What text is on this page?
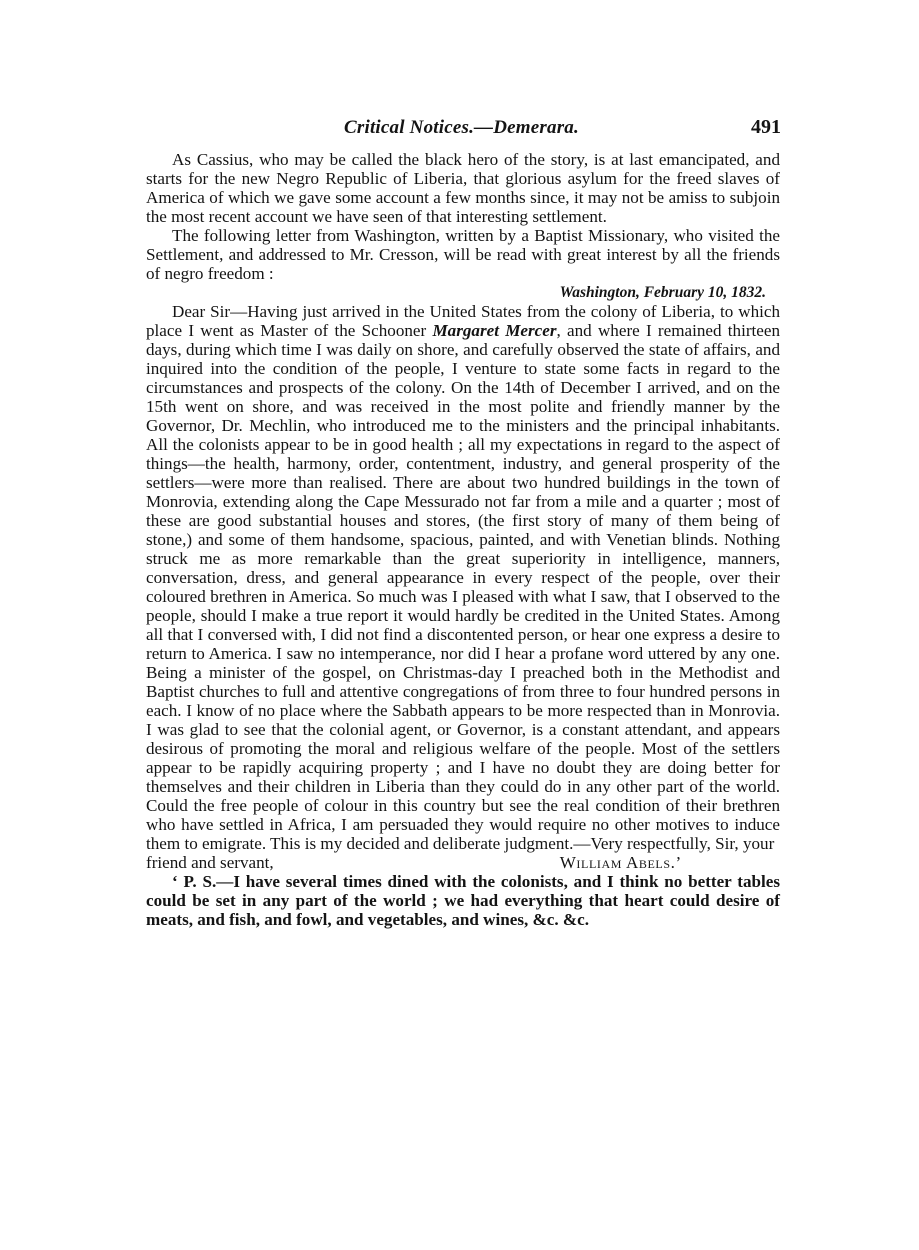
Critical Notices.—Demerara.	491

As Cassius, who may be called the black hero of the story, is at last emancipated, and starts for the new Negro Republic of Liberia, that glorious asylum for the freed slaves of America of which we gave some account a few months since, it may not be amiss to subjoin the most recent account we have seen of that interesting settlement.

The following letter from Washington, written by a Baptist Missionary, who visited the Settlement, and addressed to Mr. Cresson, will be read with great interest by all the friends of negro freedom :

Washington, February 10, 1832.

Dear Sir—Having just arrived in the United States from the colony of Liberia, to which place I went as Master of the Schooner Margaret Mercer, and where I remained thirteen days, during which time I was daily on shore, and carefully observed the state of affairs, and inquired into the condition of the people, I venture to state some facts in regard to the circumstances and prospects of the colony. On the 14th of December I arrived, and on the 15th went on shore, and was received in the most polite and friendly manner by the Governor, Dr. Mechlin, who introduced me to the ministers and the principal inhabitants. All the colonists appear to be in good health ; all my expectations in regard to the aspect of things—the health, harmony, order, contentment, industry, and general prosperity of the settlers—were more than realised. There are about two hundred buildings in the town of Monrovia, extending along the Cape Messurado not far from a mile and a quarter ; most of these are good substantial houses and stores, (the first story of many of them being of stone,) and some of them handsome, spacious, painted, and with Venetian blinds. Nothing struck me as more remarkable than the great superiority in intelligence, manners, conversation, dress, and general appearance in every respect of the people, over their coloured brethren in America. So much was I pleased with what I saw, that I observed to the people, should I make a true report it would hardly be credited in the United States. Among all that I conversed with, I did not find a discontented person, or hear one express a desire to return to America. I saw no intemperance, nor did I hear a profane word uttered by any one. Being a minister of the gospel, on Christmas-day I preached both in the Methodist and Baptist churches to full and attentive congregations of from three to four hundred persons in each. I know of no place where the Sabbath appears to be more respected than in Monrovia. I was glad to see that the colonial agent, or Governor, is a constant attendant, and appears desirous of promoting the moral and religious welfare of the people. Most of the settlers appear to be rapidly acquiring property ; and I have no doubt they are doing better for themselves and their children in Liberia than they could do in any other part of the world. Could the free people of colour in this country but see the real condition of their brethren who have settled in Africa, I am persuaded they would require no other motives to induce them to emigrate. This is my decided and deliberate judgment.—Very respectfully, Sir, your

friend and servant,	William Abels.’

‘ P. S.—I have several times dined with the colonists, and I think no better tables could be set in any part of the world ; we had everything that heart could desire of meats, and fish, and fowl, and vegetables, and wines, &c. &c.
